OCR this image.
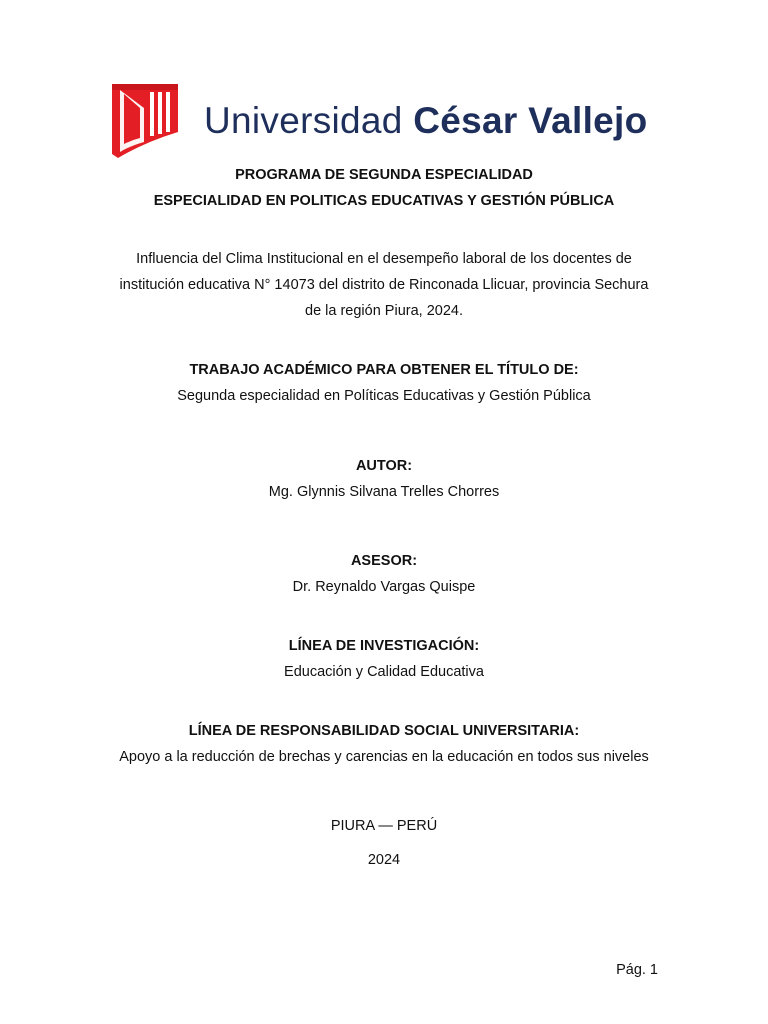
Universidad César Vallejo
PROGRAMA DE SEGUNDA ESPECIALIDAD
ESPECIALIDAD EN POLITICAS EDUCATIVAS Y GESTIÓN PÚBLICA
Influencia del Clima Institucional en el desempeño laboral de los docentes de
institución educativa N° 14073 del distrito de Rinconada Llicuar, provincia Sechura
de la región Piura, 2024.
TRABAJO ACADÉMICO PARA OBTENER EL TÍTULO DE:
Segunda especialidad en Políticas Educativas y Gestión Pública
AUTOR:
Mg. Glynnis Silvana Trelles Chorres
ASESOR:
Dr. Reynaldo Vargas Quispe
LÍNEA DE INVESTIGACIÓN:
Educación y Calidad Educativa
LÍNEA DE RESPONSABILIDAD SOCIAL UNIVERSITARIA:
Apoyo a la reducción de brechas y carencias en la educación en todos sus niveles
PIURA — PERÚ
2024
Pág. 1
